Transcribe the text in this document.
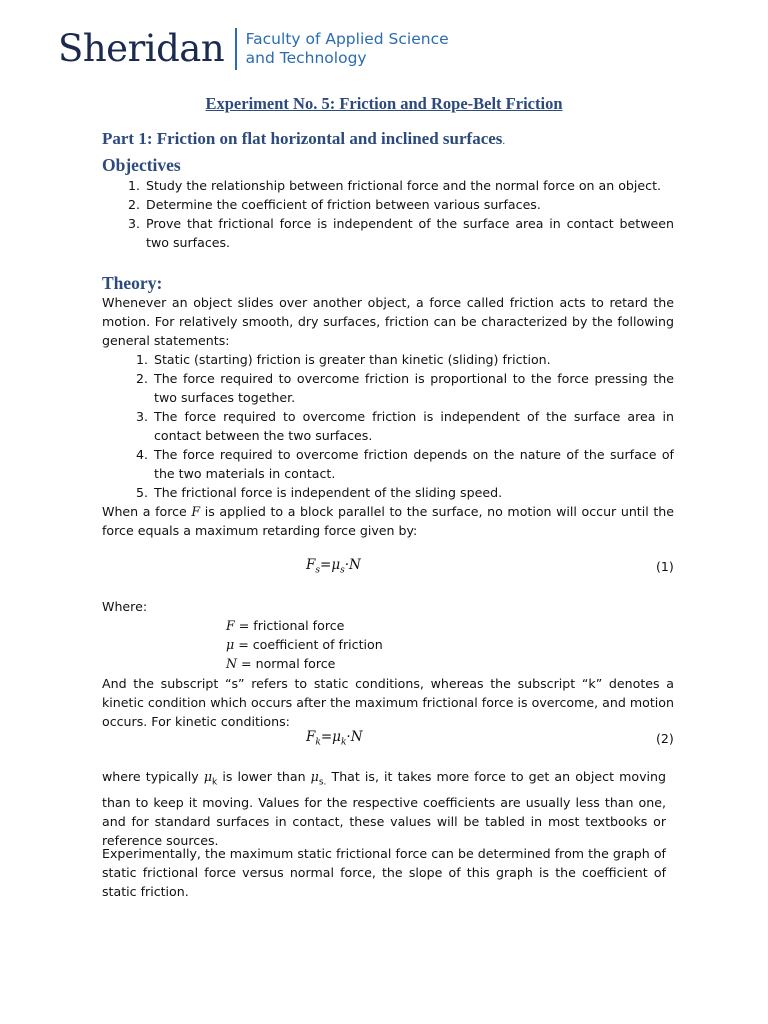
Sheridan Faculty of Applied Science
and Technology
Experiment No. 5: Friction and Rope-Belt Friction
Part 1: Friction on flat horizontal and inclined surfaces.
Objectives
1. Study the relationship between frictional force and the normal force on an object.
2. Determine the coefficient of friction between various surfaces.
3. Prove that frictional force is independent of the surface area in contact between two surfaces.
Theory:
Whenever an object slides over another object, a force called friction acts to retard the motion. For relatively smooth, dry surfaces, friction can be characterized by the following general statements:
1. Static (starting) friction is greater than kinetic (sliding) friction.
2. The force required to overcome friction is proportional to the force pressing the two surfaces together.
3. The force required to overcome friction is independent of the surface area in contact between the two surfaces.
4. The force required to overcome friction depends on the nature of the surface of the two materials in contact.
5. The frictional force is independent of the sliding speed.
When a force F is applied to a block parallel to the surface, no motion will occur until the force equals a maximum retarding force given by:
$F_s=\mu_s\cdot N$	(1)
Where:
F = frictional force
μ = coefficient of friction
N = normal force
And the subscript “s” refers to static conditions, whereas the subscript “k” denotes a kinetic condition which occurs after the maximum frictional force is overcome, and motion occurs. For kinetic conditions:
$F_k=\mu_k\cdot N$	(2)
where typically $\mu_k$ is lower than $\mu_{s.}$ That is, it takes more force to get an object moving than to keep it moving. Values for the respective coefficients are usually less than one, and for standard surfaces in contact, these values will be tabled in most textbooks or reference sources.
Experimentally, the maximum static frictional force can be determined from the graph of static frictional force versus normal force, the slope of this graph is the coefficient of static friction.
